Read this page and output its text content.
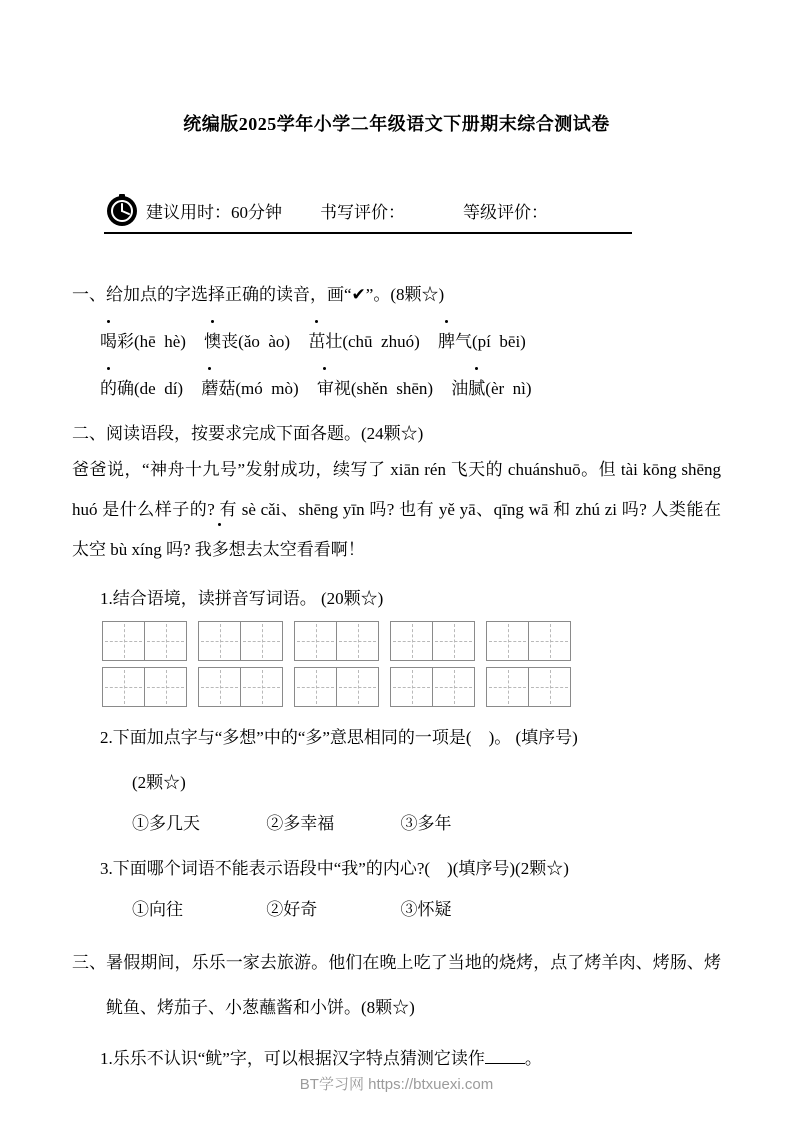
统编版2025学年小学二年级语文下册期末综合测试卷
建议用时：60分钟 书写评价：	等级评价：
一、给加点的字选择正确的读音，画“✔”。(8颗☆)
喝彩(hē  hè) 懊丧(ǎo  ào) 茁壮(chū  zhuó) 脾气(pí  bēi)
的确(de  dí) 蘑菇(mó  mò) 审视(shěn  shēn) 油腻(èr  nì)
二、阅读语段，按要求完成下面各题。(24颗☆)

爸爸说，“神舟十九号”发射成功，续写了 xiān rén 飞天的 chuánshuō。但 tài kōng shēng huó 是什么样子的? 有 sè cǎi、shēng yīn 吗? 也有 yě yā、qīng wā 和 zhú zi 吗? 人类能在太空 bù xíng 吗? 我多想去太空看看啊！

1.结合语境，读拼音写词语。 (20颗☆)
2.下面加点字与“多想”中的“多”意思相同的一项是(    )。 (填序号)
(2颗☆)
①多几天	②多幸福	③多年
3.下面哪个词语不能表示语段中“我”的内心?(    )(填序号)(2颗☆)
①向往	②好奇	③怀疑
三、暑假期间，乐乐一家去旅游。他们在晚上吃了当地的烧烤，点了烤羊肉、烤肠、烤鱿鱼、烤茄子、小葱蘸酱和小饼。(8颗☆)
1.乐乐不认识“鱿”字，可以根据汉字特点猜测它读作 。
BT学习网 https://btxuexi.com
